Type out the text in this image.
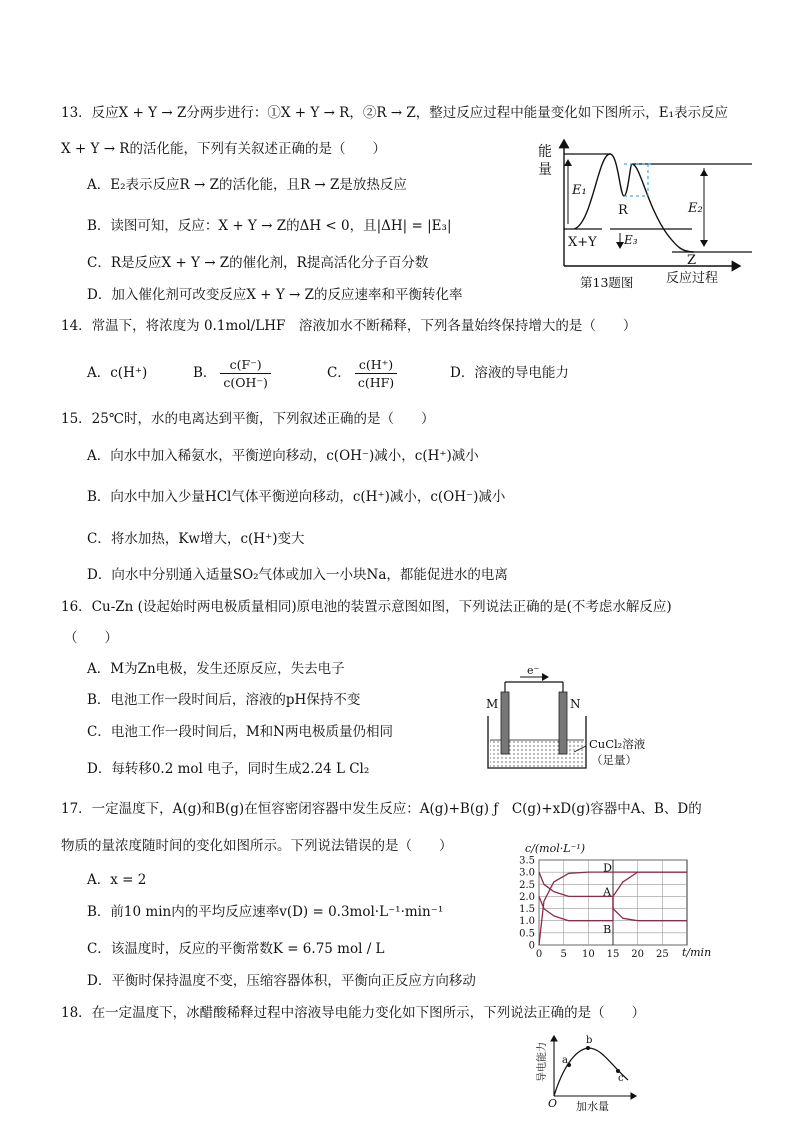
13．反应X + Y → Z分两步进行：①X + Y → R，②R → Z，整过反应过程中能量变化如下图所示，E₁表示反应
X + Y → R的活化能，下列有关叙述正确的是（　　）
A．E₂表示反应R → Z的活化能，且R → Z是放热反应
B．读图可知，反应：X + Y → Z的ΔH < 0，且|ΔH| = |E₃|
C．R是反应X + Y → Z的催化剂，R提高活化分子百分数
D．加入催化剂可改变反应X + Y → Z的反应速率和平衡转化率
能
量
E₁
E₂
E₃
R
X+Y
Z
第13题图	反应过程
14．常温下，将浓度为 0.1mol/LHF　溶液加水不断稀释，下列各量始终保持增大的是（　　）
A．c(H⁺)	B． $\frac{c(F^-)}{c(OH^-)}$	C． $\frac{c(H^+)}{c(HF)}$	D．溶液的导电能力
15．25℃时，水的电离达到平衡，下列叙述正确的是（　　）
A．向水中加入稀氨水，平衡逆向移动，c(OH⁻)减小，c(H⁺)减小
B．向水中加入少量HCl气体平衡逆向移动，c(H⁺)减小，c(OH⁻)减小
C．将水加热，Kw增大，c(H⁺)变大
D．向水中分别通入适量SO₂气体或加入一小块Na，都能促进水的电离
16．Cu-Zn (设起始时两电极质量相同)原电池的装置示意图如图，下列说法正确的是(不考虑水解反应)
（　　）
A．M为Zn电极，发生还原反应，失去电子
B．电池工作一段时间后，溶液的pH保持不变
C．电池工作一段时间后，M和N两电极质量仍相同
D．每转移0.2 mol 电子，同时生成2.24 L Cl₂
e⁻
M	N
CuCl₂溶液
（足量）
17．一定温度下，A(g)和B(g)在恒容密闭容器中发生反应：A(g)+B(g) ƒ　C(g)+xD(g)容器中A、B、D的
物质的量浓度随时间的变化如图所示。下列说法错误的是（　　）
A．x = 2
B．前10 min内的平均反应速率v(D) = 0.3mol·L⁻¹·min⁻¹
C．该温度时，反应的平衡常数K = 6.75 mol / L
D．平衡时保持温度不变，压缩容器体积，平衡向正反应方向移动
D
A
B
0
0.5
1.0
1.5
2.0
2.5
3.0
3.5
0 5 10 15 20 25
c/(mol·L⁻¹)
t/min
18．在一定温度下，冰醋酸稀释过程中溶液导电能力变化如下图所示，下列说法正确的是（　　）
a
b
c
O 加水量
导电能力
